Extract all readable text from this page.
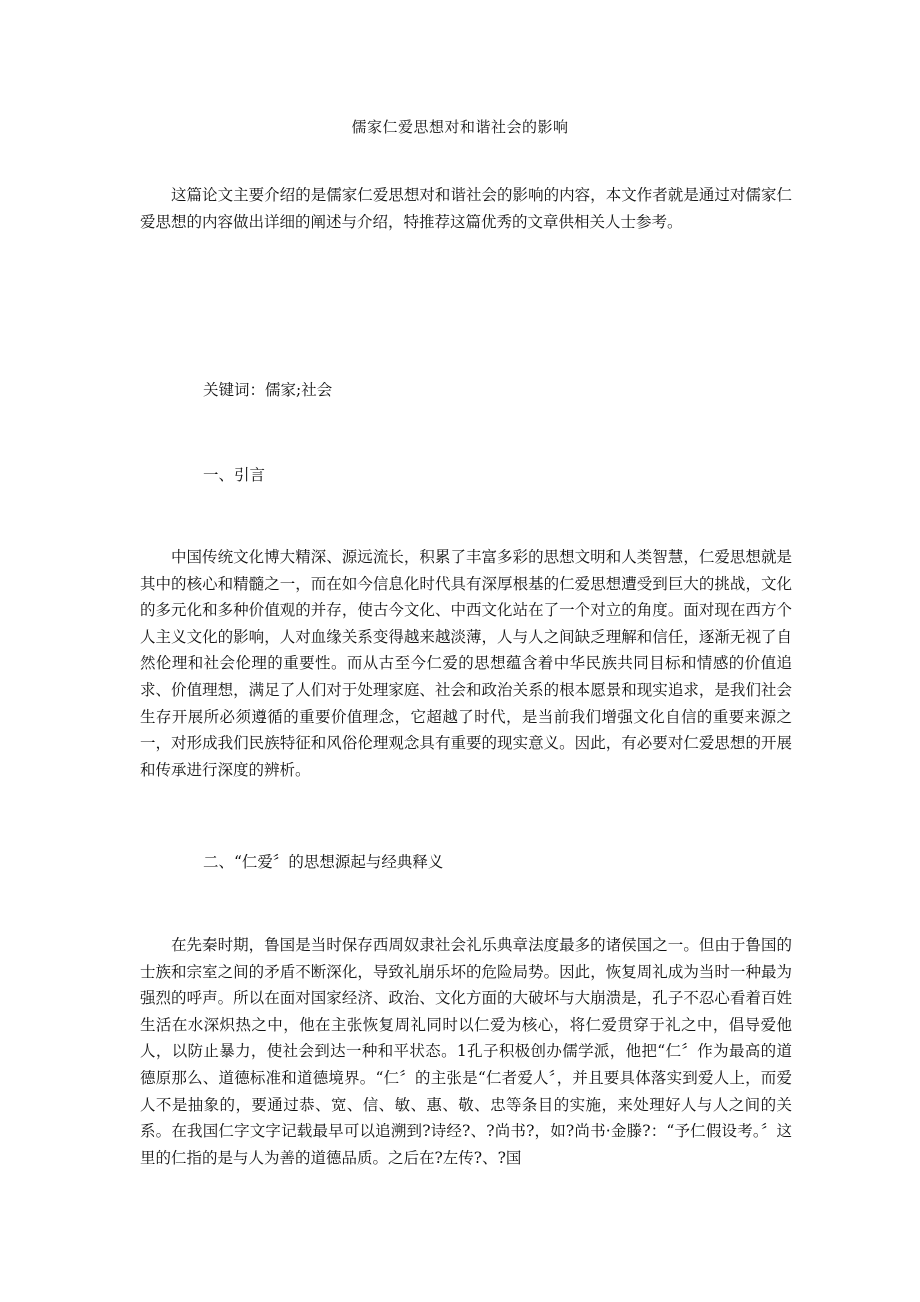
儒家仁爱思想对和谐社会的影响

这篇论文主要介绍的是儒家仁爱思想对和谐社会的影响的内容，本文作者就是通过对儒家仁爱思想的内容做出详细的阐述与介绍，特推荐这篇优秀的文章供相关人士参考。

关键词：儒家;社会

一、引言

中国传统文化博大精深、源远流长，积累了丰富多彩的思想文明和人类智慧，仁爱思想就是其中的核心和精髓之一，而在如今信息化时代具有深厚根基的仁爱思想遭受到巨大的挑战，文化的多元化和多种价值观的并存，使古今文化、中西文化站在了一个对立的角度。面对现在西方个人主义文化的影响，人对血缘关系变得越来越淡薄，人与人之间缺乏理解和信任，逐渐无视了自然伦理和社会伦理的重要性。而从古至今仁爱的思想蕴含着中华民族共同目标和情感的价值追求、价值理想，满足了人们对于处理家庭、社会和政治关系的根本愿景和现实追求，是我们社会生存开展所必须遵循的重要价值理念，它超越了时代，是当前我们增强文化自信的重要来源之一，对形成我们民族特征和风俗伦理观念具有重要的现实意义。因此，有必要对仁爱思想的开展和传承进行深度的辨析。

二、“仁爱〞的思想源起与经典释义

在先秦时期，鲁国是当时保存西周奴隶社会礼乐典章法度最多的诸侯国之一。但由于鲁国的士族和宗室之间的矛盾不断深化，导致礼崩乐坏的危险局势。因此，恢复周礼成为当时一种最为强烈的呼声。所以在面对国家经济、政治、文化方面的大破坏与大崩溃是，孔子不忍心看着百姓生活在水深炽热之中，他在主张恢复周礼同时以仁爱为核心，将仁爱贯穿于礼之中，倡导爱他人，以防止暴力，使社会到达一种和平状态。1孔子积极创办儒学派，他把“仁〞作为最高的道德原那么、道德标准和道德境界。“仁〞的主张是“仁者爱人〞，并且要具体落实到爱人上，而爱人不是抽象的，要通过恭、宽、信、敏、惠、敬、忠等条目的实施，来处理好人与人之间的关系。在我国仁字文字记载最早可以追溯到?诗经?、?尚书?，如?尚书·金滕?：“予仁假设考。〞这里的仁指的是与人为善的道德品质。之后在?左传?、?国
